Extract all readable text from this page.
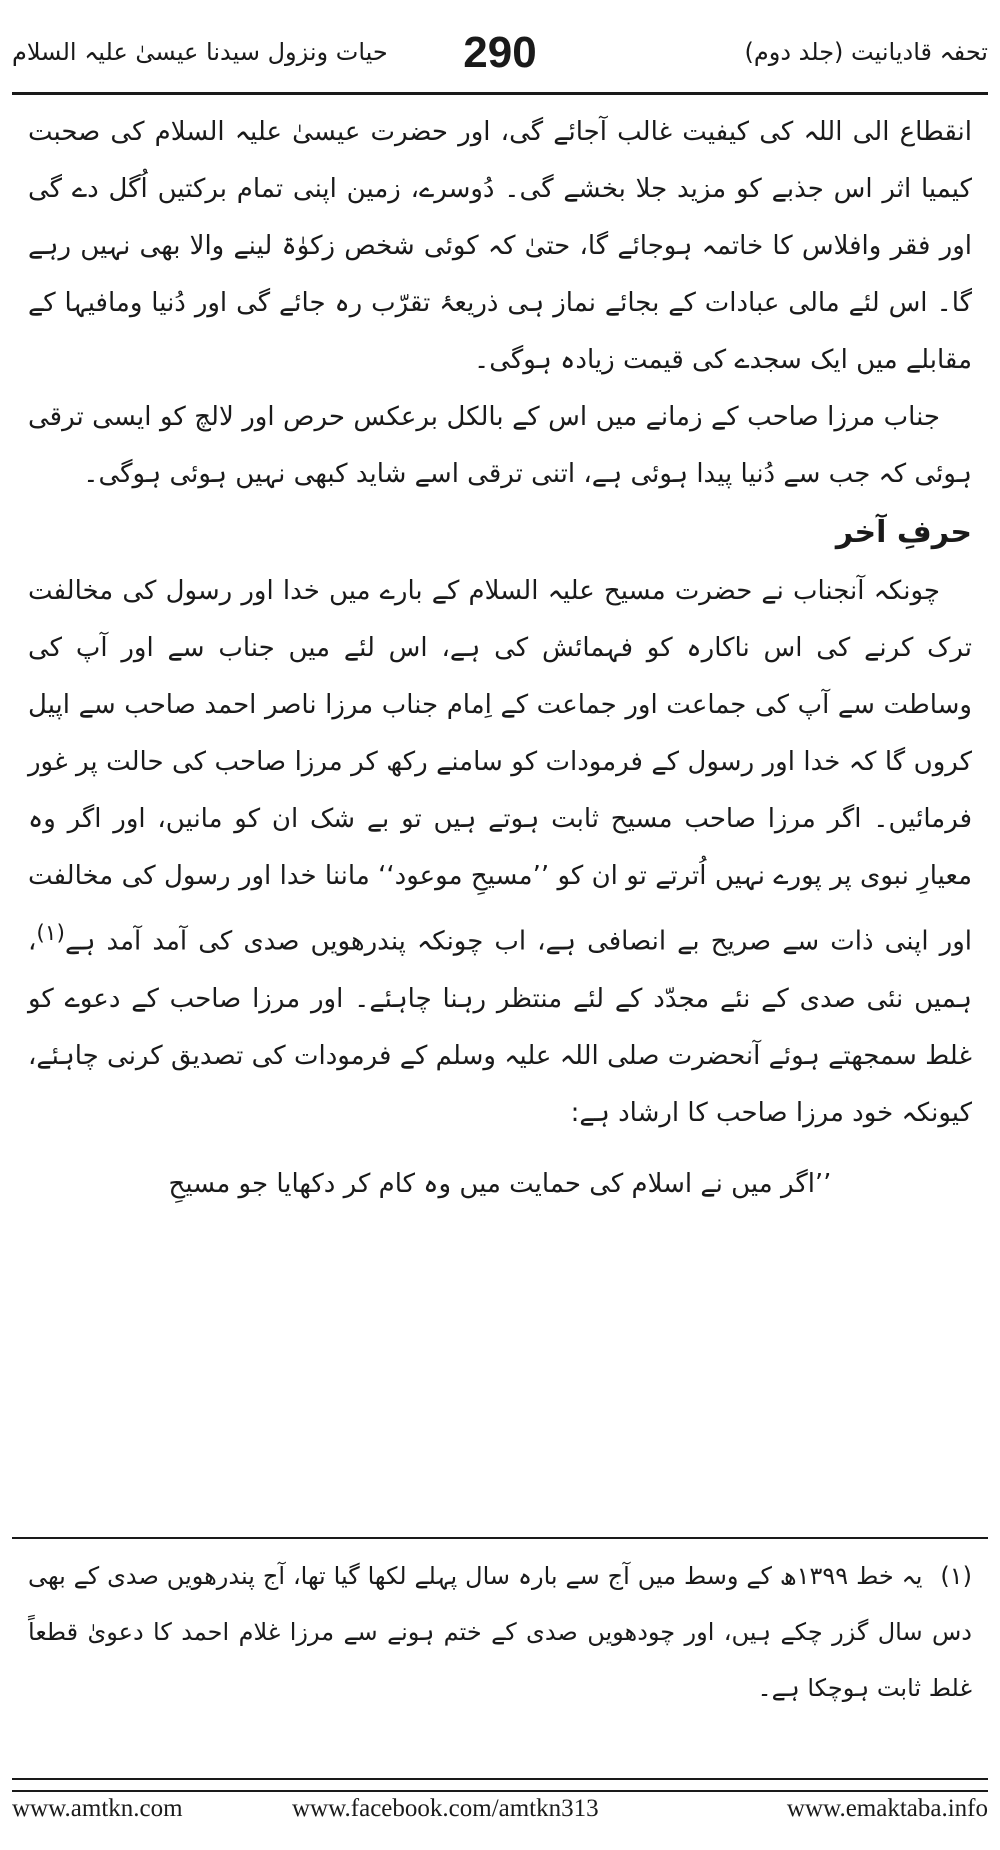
تحفہ قادیانیت (جلد دوم)
290
حیات ونزول سیدنا عیسیٰ علیہ السلام

انقطاع الی اللہ کی کیفیت غالب آجائے گی، اور حضرت عیسیٰ علیہ السلام کی صحبت کیمیا اثر اس جذبے کو مزید جلا بخشے گی۔ دُوسرے، زمین اپنی تمام برکتیں اُگل دے گی اور فقر وافلاس کا خاتمہ ہوجائے گا، حتیٰ کہ کوئی شخص زکوٰۃ لینے والا بھی نہیں رہے گا۔ اس لئے مالی عبادات کے بجائے نماز ہی ذریعۂ تقرّب رہ جائے گی اور دُنیا ومافیہا کے مقابلے میں ایک سجدے کی قیمت زیادہ ہوگی۔

جناب مرزا صاحب کے زمانے میں اس کے بالکل برعکس حرص اور لالچ کو ایسی ترقی ہوئی کہ جب سے دُنیا پیدا ہوئی ہے، اتنی ترقی اسے شاید کبھی نہیں ہوئی ہوگی۔

حرفِ آخر

چونکہ آنجناب نے حضرت مسیح علیہ السلام کے بارے میں خدا اور رسول کی مخالفت ترک کرنے کی اس ناکارہ کو فہمائش کی ہے، اس لئے میں جناب سے اور آپ کی وساطت سے آپ کی جماعت اور جماعت کے اِمام جناب مرزا ناصر احمد صاحب سے اپیل کروں گا کہ خدا اور رسول کے فرمودات کو سامنے رکھ کر مرزا صاحب کی حالت پر غور فرمائیں۔ اگر مرزا صاحب مسیح ثابت ہوتے ہیں تو بے شک ان کو مانیں، اور اگر وہ معیارِ نبوی پر پورے نہیں اُترتے تو ان کو ’’مسیحِ موعود‘‘ ماننا خدا اور رسول کی مخالفت اور اپنی ذات سے صریح بے انصافی ہے، اب چونکہ پندرھویں صدی کی آمد آمد ہے$^{(۱)}$، ہمیں نئی صدی کے نئے مجدّد کے لئے منتظر رہنا چاہئے۔ اور مرزا صاحب کے دعوے کو غلط سمجھتے ہوئے آنحضرت صلی اللہ علیہ وسلم کے فرمودات کی تصدیق کرنی چاہئے، کیونکہ خود مرزا صاحب کا ارشاد ہے:

’’اگر میں نے اسلام کی حمایت میں وہ کام کر دکھایا جو مسیحِ

(۱) یہ خط ۱۳۹۹ھ کے وسط میں آج سے بارہ سال پہلے لکھا گیا تھا، آج پندرھویں صدی کے بھی دس سال گزر چکے ہیں، اور چودھویں صدی کے ختم ہونے سے مرزا غلام احمد کا دعویٰ قطعاً غلط ثابت ہوچکا ہے۔
www.amtkn.com	www.facebook.com/amtkn313	www.emaktaba.info
